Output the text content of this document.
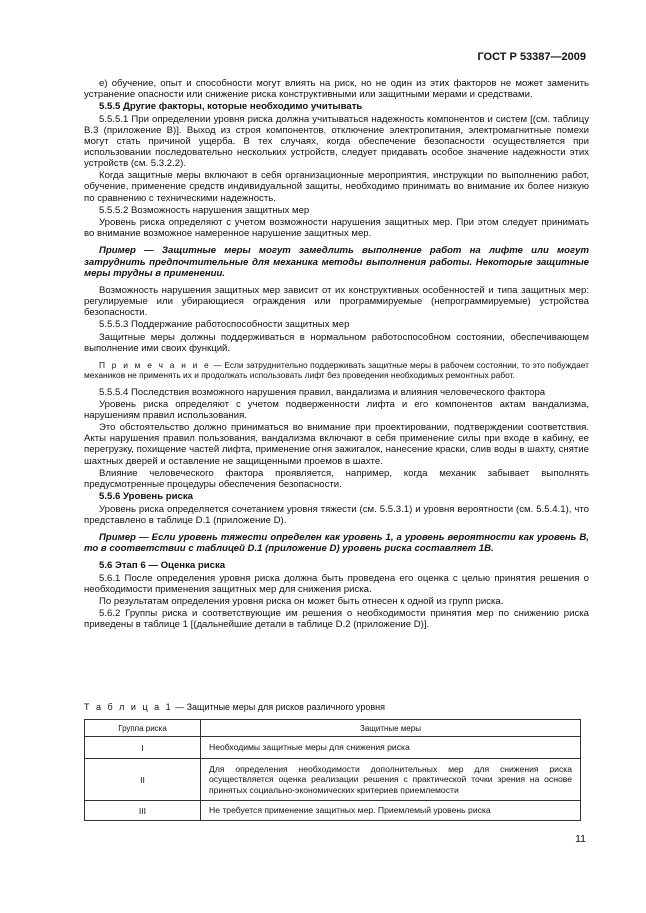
ГОСТ Р 53387—2009

е) обучение, опыт и способности могут влиять на риск, но не один из этих факторов не может заменить устранение опасности или снижение риска конструктивными или защитными мерами и средствами.

5.5.5 Другие факторы, которые необходимо учитывать

5.5.5.1 При определении уровня риска должна учитываться надежность компонентов и систем [(см. таблицу В.3 (приложение В)]. Выход из строя компонентов, отключение электропитания, электромагнитные помехи могут стать причиной ущерба. В тех случаях, когда обеспечение безопасности осуществляется при использовании последовательно нескольких устройств, следует придавать особое значение надежности этих устройств (см. 5.3.2.2).

Когда защитные меры включают в себя организационные мероприятия, инструкции по выполнению работ, обучение, применение средств индивидуальной защиты, необходимо принимать во внимание их более низкую по сравнению с техническими надежность.

5.5.5.2 Возможность нарушения защитных мер

Уровень риска определяют с учетом возможности нарушения защитных мер. При этом следует принимать во внимание возможное намеренное нарушение защитных мер.

Пример — Защитные меры могут замедлить выполнение работ на лифте или могут затруднить предпочтительные для механика методы выполнения работы. Некоторые защитные меры трудны в применении.

Возможность нарушения защитных мер зависит от их конструктивных особенностей и типа защитных мер: регулируемые или убирающиеся ограждения или программируемые (непрограммируемые) устройства безопасности.

5.5.5.3 Поддержание работоспособности защитных мер

Защитные меры должны поддерживаться в нормальном работоспособном состоянии, обеспечивающем выполнение ими своих функций.

П р и м е ч а н и е — Если затруднительно поддерживать защитные меры в рабочем состоянии, то это побуждает механиков не применять их и продолжать использовать лифт без проведения необходимых ремонтных работ.

5.5.5.4 Последствия возможного нарушения правил, вандализма и влияния человеческого фактора

Уровень риска определяют с учетом подверженности лифта и его компонентов актам вандализма, нарушениям правил использования.

Это обстоятельство должно приниматься во внимание при проектировании, подтверждении соответствия. Акты нарушения правил пользования, вандализма включают в себя применение силы при входе в кабину, ее перегрузку, похищение частей лифта, применение огня зажигалок, нанесение краски, слив воды в шахту, снятие шахтных дверей и оставление не защищенными проемов в шахте.

Влияние человеческого фактора проявляется, например, когда механик забывает выполнять предусмотренные процедуры обеспечения безопасности.

5.5.6 Уровень риска

Уровень риска определяется сочетанием уровня тяжести (см. 5.5.3.1) и уровня вероятности (см. 5.5.4.1), что представлено в таблице D.1 (приложение D).

Пример — Если уровень тяжести определен как уровень 1, а уровень вероятности как уровень В, то в соответствии с таблицей D.1 (приложение D) уровень риска составляет 1В.

5.6 Этап 6 — Оценка риска

5.6.1 После определения уровня риска должна быть проведена его оценка с целью принятия решения о необходимости применения защитных мер для снижения риска.

По результатам определения уровня риска он может быть отнесен к одной из групп риска.

5.6.2 Группы риска и соответствующие им решения о необходимости принятия мер по снижению риска приведены в таблице 1 [(дальнейшие детали в таблице D.2 (приложение D)].

Т а б л и ц а 1 — Защитные меры для рисков различного уровня
Группа риска	Защитные меры
I	Необходимы защитные меры для снижения риска
II	Для определения необходимости дополнительных мер для снижения риска осуществляется оценка реализации решения с практической точки зрения на основе принятых социально-экономических критериев приемлемости
III	Не требуется применение защитных мер. Приемлемый уровень риска
11
